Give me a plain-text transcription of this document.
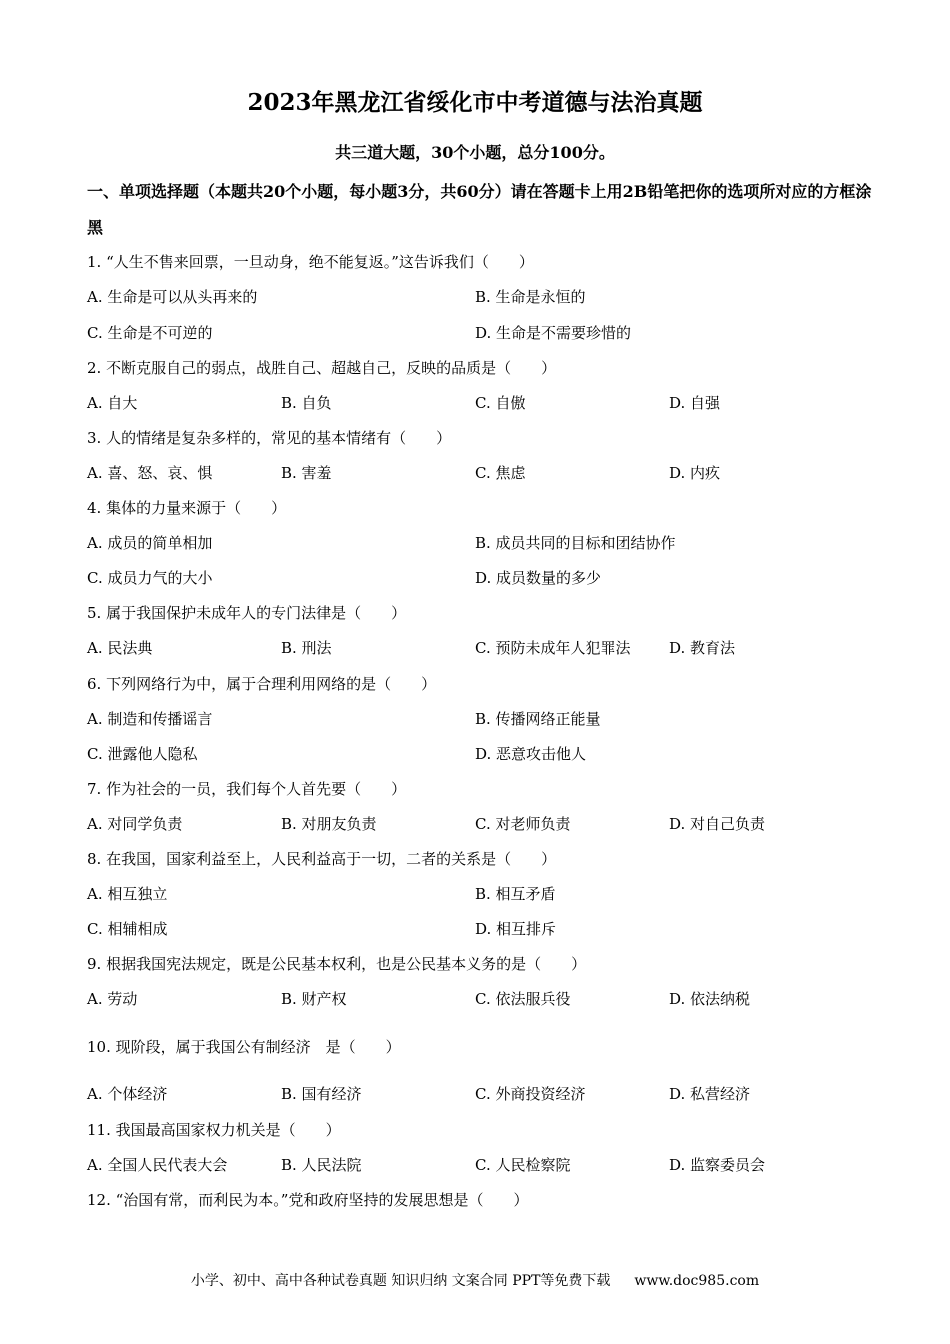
2023年黑龙江省绥化市中考道德与法治真题
共三道大题，30个小题，总分100分。
一、单项选择题（本题共20个小题，每小题3分，共60分）请在答题卡上用2B铅笔把你的选项所对应的方框涂黑
1. “人生不售来回票，一旦动身，绝不能复返。”这告诉我们（　　）
A. 生命是可以从头再来的	B. 生命是永恒的
C. 生命是不可逆的	D. 生命是不需要珍惜的
2. 不断克服自己的弱点，战胜自己、超越自己，反映的品质是（　　）
A. 自大	B. 自负	C. 自傲	D. 自强
3. 人的情绪是复杂多样的，常见的基本情绪有（　　）
A. 喜、怒、哀、惧	B. 害羞	C. 焦虑	D. 内疚
4. 集体的力量来源于（　　）
A. 成员的简单相加	B. 成员共同的目标和团结协作
C. 成员力气的大小	D. 成员数量的多少
5. 属于我国保护未成年人的专门法律是（　　）
A. 民法典	B. 刑法	C. 预防未成年人犯罪法	D. 教育法
6. 下列网络行为中，属于合理利用网络的是（　　）
A. 制造和传播谣言	B. 传播网络正能量
C. 泄露他人隐私	D. 恶意攻击他人
7. 作为社会的一员，我们每个人首先要（　　）
A. 对同学负责	B. 对朋友负责	C. 对老师负责	D. 对自己负责
8. 在我国，国家利益至上，人民利益高于一切，二者的关系是（　　）
A. 相互独立	B. 相互矛盾
C. 相辅相成	D. 相互排斥
9. 根据我国宪法规定，既是公民基本权利，也是公民基本义务的是（　　）
A. 劳动	B. 财产权	C. 依法服兵役	D. 依法纳税
10. 现阶段，属于我国公有制经济　是（　　）
A. 个体经济	B. 国有经济	C. 外商投资经济	D. 私营经济
11. 我国最高国家权力机关是（　　）
A. 全国人民代表大会	B. 人民法院	C. 人民检察院	D. 监察委员会
12. “治国有常，而利民为本。”党和政府坚持的发展思想是（　　）
小学、初中、高中各种试卷真题 知识归纳 文案合同 PPT等免费下载 www.doc985.com
